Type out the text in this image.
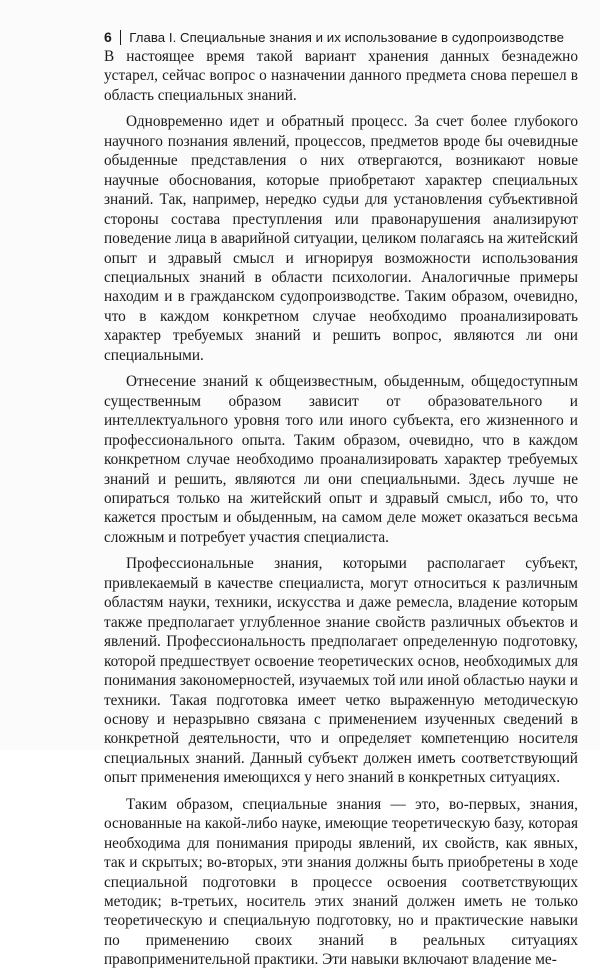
6 Глава I. Специальные знания и их использование в судопроизводстве

В настоящее время такой вариант хранения данных безнадежно устарел, сейчас вопрос о назначении данного предмета снова перешел в область специальных знаний.

Одновременно идет и обратный процесс. За счет более глубокого научного познания явлений, процессов, предметов вроде бы очевидные обыденные представления о них отвергаются, возникают новые научные обоснования, которые приобретают характер специальных знаний. Так, например, нередко судьи для установления субъективной стороны состава преступления или правонарушения анализируют поведение лица в аварийной ситуации, целиком полагаясь на житейский опыт и здравый смысл и игнорируя возможности использования специальных знаний в области психологии. Аналогичные примеры находим и в гражданском судопроизводстве. Таким образом, очевидно, что в каждом конкретном случае необходимо проанализировать характер требуемых знаний и решить вопрос, являются ли они специальными.

Отнесение знаний к общеизвестным, обыденным, общедоступным существенным образом зависит от образовательного и интеллектуального уровня того или иного субъекта, его жизненного и профессионального опыта. Таким образом, очевидно, что в каждом конкретном случае необходимо проанализировать характер требуемых знаний и решить, являются ли они специальными. Здесь лучше не опираться только на житейский опыт и здравый смысл, ибо то, что кажется простым и обыденным, на самом деле может оказаться весьма сложным и потребует участия специалиста.

Профессиональные знания, которыми располагает субъект, привлекаемый в качестве специалиста, могут относиться к различным областям науки, техники, искусства и даже ремесла, владение которым также предполагает углубленное знание свойств различных объектов и явлений. Профессиональность предполагает определенную подготовку, которой предшествует освоение теоретических основ, необходимых для понимания закономерностей, изучаемых той или иной областью науки и техники. Такая подготовка имеет четко выраженную методическую основу и неразрывно связана с применением изученных сведений в конкретной деятельности, что и определяет компетенцию носителя специальных знаний. Данный субъект должен иметь соответствующий опыт применения имеющихся у него знаний в конкретных ситуациях.

Таким образом, специальные знания — это, во-первых, знания, основанные на какой-либо науке, имеющие теоретическую базу, которая необходима для понимания природы явлений, их свойств, как явных, так и скрытых; во-вторых, эти знания должны быть приобретены в ходе специальной подготовки в процессе освоения соответствующих методик; в-третьих, носитель этих знаний должен иметь не только теоретическую и специальную подготовку, но и практические навыки по применению своих знаний в реальных ситуациях правоприменительной практики. Эти навыки включают владение ме-
